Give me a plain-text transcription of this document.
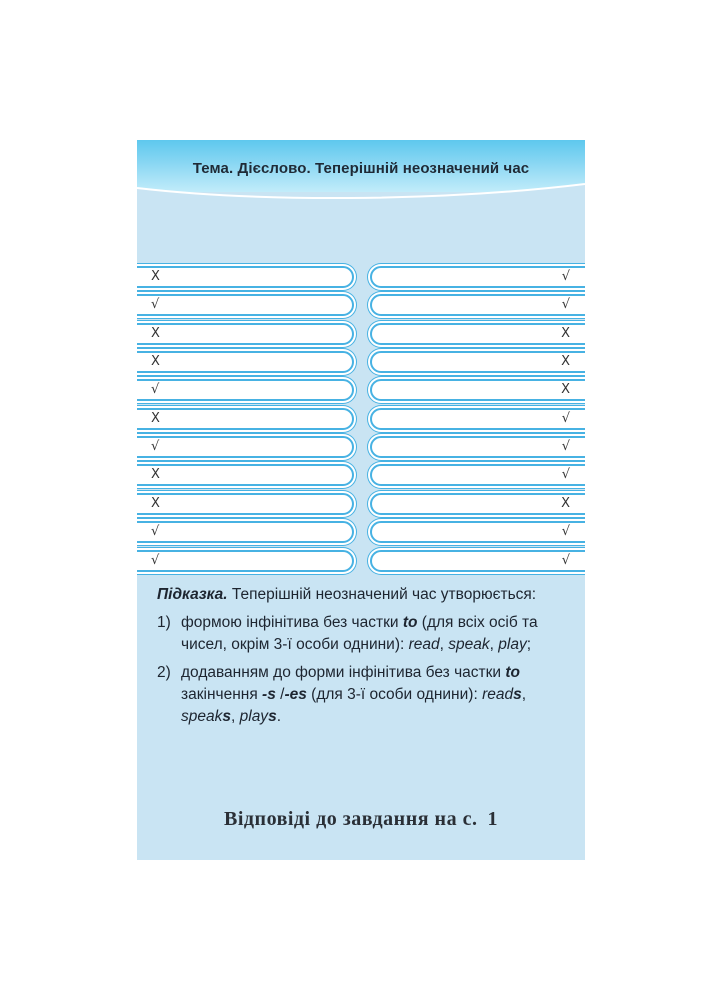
Тема. Дієслово. Теперішній неозначений час
X
√
X
X
√
X
√
X
X
√
√
√
√
X
X
X
√
√
√
X
√
√

Підказка. Теперішній неозначений час утворюється:

1) формою інфінітива без частки to (для всіх осіб та чисел, окрім 3-ї особи однини): read, speak, play;
2) додаванням до форми інфінітива без частки to закінчення -s /-es (для 3-ї особи однини): reads, speaks, plays.
Відповіді до завдання на с. 1
